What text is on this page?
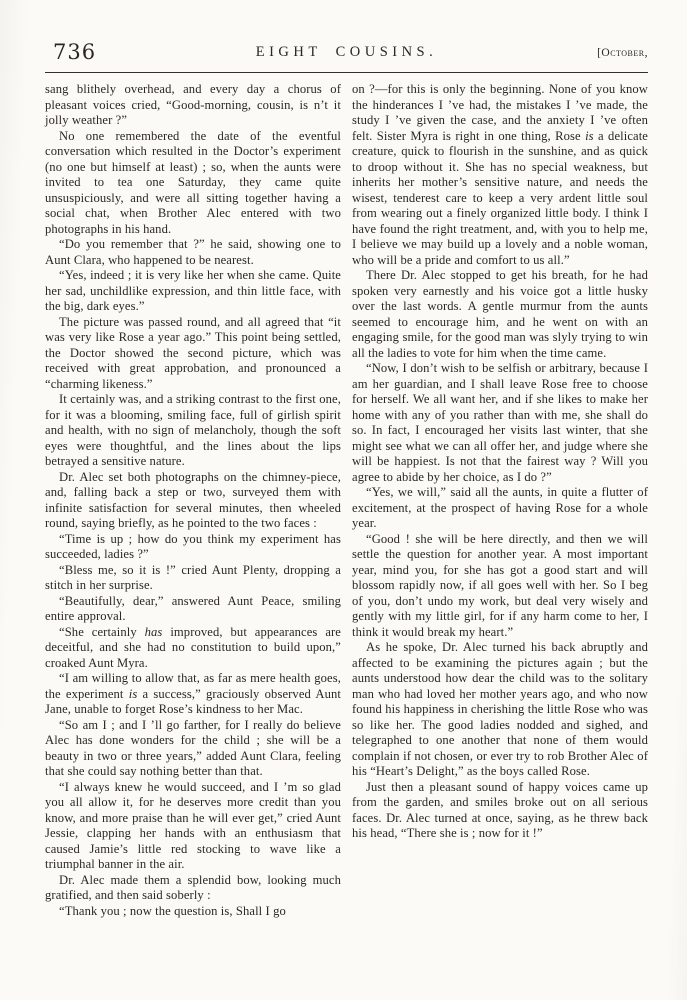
736	EIGHT COUSINS.	[October,

sang blithely overhead, and every day a chorus of pleasant voices cried, “Good-morning, cousin, is n’t it jolly weather ?”

No one remembered the date of the eventful conversation which resulted in the Doctor’s experiment (no one but himself at least) ; so, when the aunts were invited to tea one Saturday, they came quite unsuspiciously, and were all sitting together having a social chat, when Brother Alec entered with two photographs in his hand.

“Do you remember that ?” he said, showing one to Aunt Clara, who happened to be nearest.

“Yes, indeed ; it is very like her when she came. Quite her sad, unchildlike expression, and thin little face, with the big, dark eyes.”

The picture was passed round, and all agreed that “it was very like Rose a year ago.” This point being settled, the Doctor showed the second picture, which was received with great approbation, and pronounced a “charming likeness.”

It certainly was, and a striking contrast to the first one, for it was a blooming, smiling face, full of girlish spirit and health, with no sign of melancholy, though the soft eyes were thoughtful, and the lines about the lips betrayed a sensitive nature.

Dr. Alec set both photographs on the chimney-piece, and, falling back a step or two, surveyed them with infinite satisfaction for several minutes, then wheeled round, saying briefly, as he pointed to the two faces :

“Time is up ; how do you think my experiment has succeeded, ladies ?”

“Bless me, so it is !” cried Aunt Plenty, dropping a stitch in her surprise.

“Beautifully, dear,” answered Aunt Peace, smiling entire approval.

“She certainly has improved, but appearances are deceitful, and she had no constitution to build upon,” croaked Aunt Myra.

“I am willing to allow that, as far as mere health goes, the experiment is a success,” graciously observed Aunt Jane, unable to forget Rose’s kindness to her Mac.

“So am I ; and I ’ll go farther, for I really do believe Alec has done wonders for the child ; she will be a beauty in two or three years,” added Aunt Clara, feeling that she could say nothing better than that.

“I always knew he would succeed, and I ’m so glad you all allow it, for he deserves more credit than you know, and more praise than he will ever get,” cried Aunt Jessie, clapping her hands with an enthusiasm that caused Jamie’s little red stocking to wave like a triumphal banner in the air.

Dr. Alec made them a splendid bow, looking much gratified, and then said soberly :

“Thank you ; now the question is, Shall I go

on ?—for this is only the beginning. None of you know the hinderances I ’ve had, the mistakes I ’ve made, the study I ’ve given the case, and the anxiety I ’ve often felt. Sister Myra is right in one thing, Rose is a delicate creature, quick to flourish in the sunshine, and as quick to droop without it. She has no special weakness, but inherits her mother’s sensitive nature, and needs the wisest, tenderest care to keep a very ardent little soul from wearing out a finely organized little body. I think I have found the right treatment, and, with you to help me, I believe we may build up a lovely and a noble woman, who will be a pride and comfort to us all.”

There Dr. Alec stopped to get his breath, for he had spoken very earnestly and his voice got a little husky over the last words. A gentle murmur from the aunts seemed to encourage him, and he went on with an engaging smile, for the good man was slyly trying to win all the ladies to vote for him when the time came.

“Now, I don’t wish to be selfish or arbitrary, because I am her guardian, and I shall leave Rose free to choose for herself. We all want her, and if she likes to make her home with any of you rather than with me, she shall do so. In fact, I encouraged her visits last winter, that she might see what we can all offer her, and judge where she will be happiest. Is not that the fairest way ? Will you agree to abide by her choice, as I do ?”

“Yes, we will,” said all the aunts, in quite a flutter of excitement, at the prospect of having Rose for a whole year.

“Good ! she will be here directly, and then we will settle the question for another year. A most important year, mind you, for she has got a good start and will blossom rapidly now, if all goes well with her. So I beg of you, don’t undo my work, but deal very wisely and gently with my little girl, for if any harm come to her, I think it would break my heart.”

As he spoke, Dr. Alec turned his back abruptly and affected to be examining the pictures again ; but the aunts understood how dear the child was to the solitary man who had loved her mother years ago, and who now found his happiness in cherishing the little Rose who was so like her. The good ladies nodded and sighed, and telegraphed to one another that none of them would complain if not chosen, or ever try to rob Brother Alec of his “Heart’s Delight,” as the boys called Rose.

Just then a pleasant sound of happy voices came up from the garden, and smiles broke out on all serious faces. Dr. Alec turned at once, saying, as he threw back his head, “There she is ; now for it !”
